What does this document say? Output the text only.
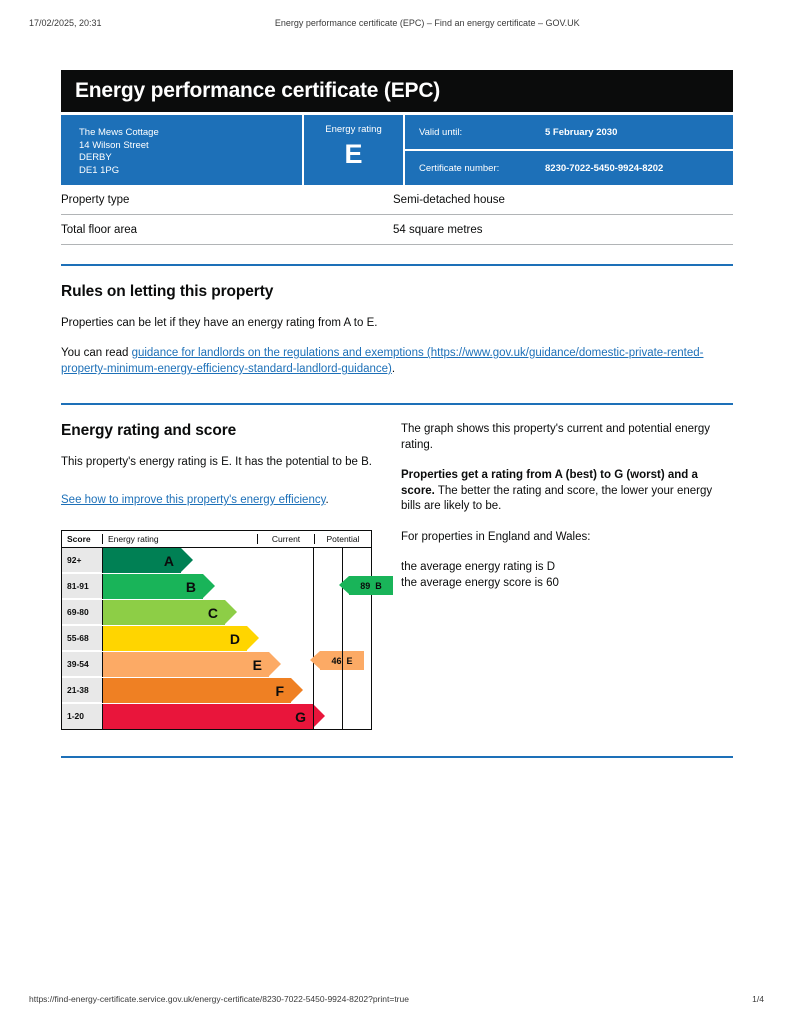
17/02/2025, 20:31	Energy performance certificate (EPC) – Find an energy certificate – GOV.UK
Energy performance certificate (EPC)
The Mews Cottage
14 Wilson Street
DERBY
DE1 1PG
Energy rating
E
Valid until:	5 February 2030
Certificate number:	8230-7022-5450-9924-8202
Property type	Semi-detached house
Total floor area	54 square metres
Rules on letting this property

Properties can be let if they have an energy rating from A to E.

You can read guidance for landlords on the regulations and exemptions (https://www.gov.uk/guidance/domestic-private-rented-property-minimum-energy-efficiency-standard-landlord-guidance).

Energy rating and score

This property's energy rating is E. It has the potential to be B.

See how to improve this property's energy efficiency.

Score	Energy rating	Current	Potential
92+	A
81-91	B
69-80	C
55-68	D
39-54	E
21-38	F
1-20	G
46 E
89 B

The graph shows this property's current and potential energy rating.

Properties get a rating from A (best) to G (worst) and a score. The better the rating and score, the lower your energy bills are likely to be.

For properties in England and Wales:

the average energy rating is D

the average energy score is 60

https://find-energy-certificate.service.gov.uk/energy-certificate/8230-7022-5450-9924-8202?print=true	1/4
